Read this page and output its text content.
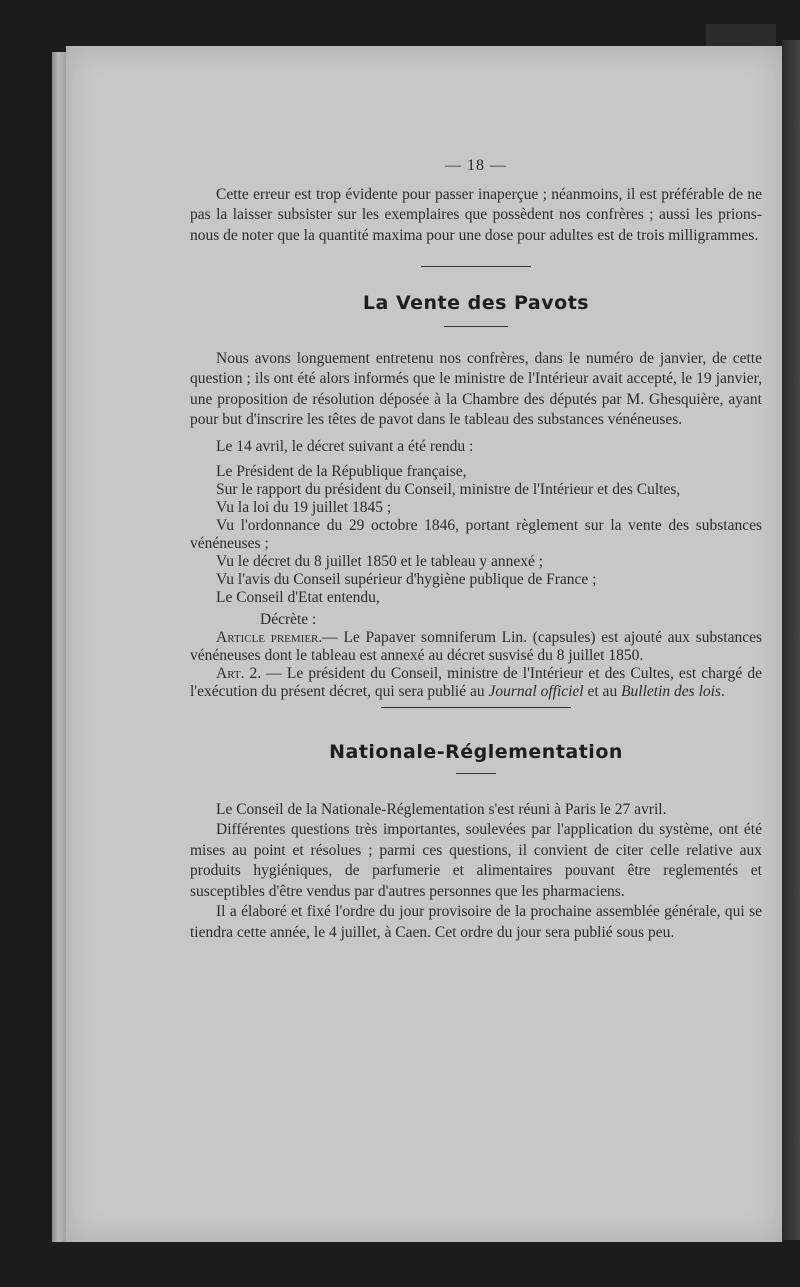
— 18 —

Cette erreur est trop évidente pour passer inaperçue ; néanmoins, il est préférable de ne pas la laisser subsister sur les exemplaires que possèdent nos confrères ; aussi les prions-nous de noter que la quantité maxima pour une dose pour adultes est de trois milligrammes.

La Vente des Pavots

Nous avons longuement entretenu nos confrères, dans le numéro de janvier, de cette question ; ils ont été alors informés que le ministre de l'Intérieur avait accepté, le 19 janvier, une proposition de résolution déposée à la Chambre des députés par M. Ghesquière, ayant pour but d'inscrire les têtes de pavot dans le tableau des substances vénéneuses.

Le 14 avril, le décret suivant a été rendu :

Le Président de la République française,

Sur le rapport du président du Conseil, ministre de l'Intérieur et des Cultes,

Vu la loi du 19 juillet 1845 ;

Vu l'ordonnance du 29 octobre 1846, portant règlement sur la vente des substances vénéneuses ;

Vu le décret du 8 juillet 1850 et le tableau y annexé ;

Vu l'avis du Conseil supérieur d'hygiène publique de France ;

Le Conseil d'Etat entendu,

Décrète :

Article premier.— Le Papaver somniferum Lin. (capsules) est ajouté aux substances vénéneuses dont le tableau est annexé au décret susvisé du 8 juillet 1850.

Art. 2. — Le président du Conseil, ministre de l'Intérieur et des Cultes, est chargé de l'exécution du présent décret, qui sera publié au Journal officiel et au Bulletin des lois.

Nationale-Réglementation

Le Conseil de la Nationale-Réglementation s'est réuni à Paris le 27 avril.

Différentes questions très importantes, soulevées par l'application du système, ont été mises au point et résolues ; parmi ces questions, il convient de citer celle relative aux produits hygiéniques, de parfumerie et alimentaires pouvant être reglementés et susceptibles d'être vendus par d'autres personnes que les pharmaciens.

Il a élaboré et fixé l'ordre du jour provisoire de la prochaine assemblée générale, qui se tiendra cette année, le 4 juillet, à Caen. Cet ordre du jour sera publié sous peu.
